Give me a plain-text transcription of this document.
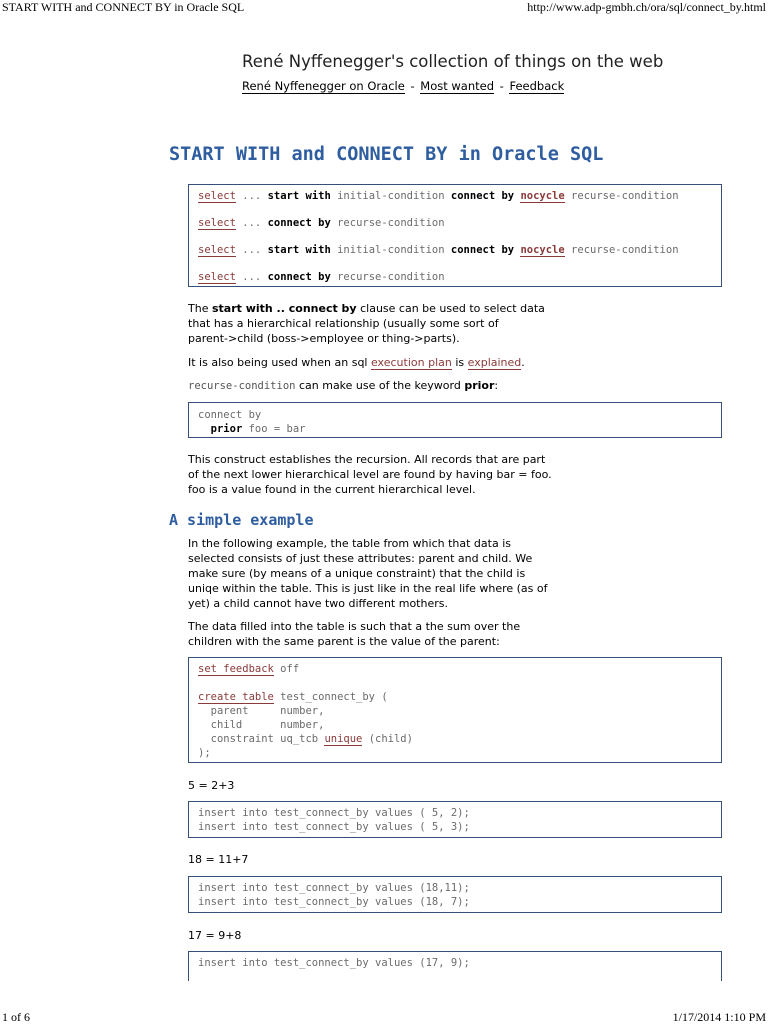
START WITH and CONNECT BY in Oracle SQL	http://www.adp-gmbh.ch/ora/sql/connect_by.html
René Nyffenegger's collection of things on the web
René Nyffenegger on Oracle - Most wanted - Feedback
START WITH and CONNECT BY in Oracle SQL
select ... start with initial-condition connect by nocycle recurse-condition
select ... connect by recurse-condition
select ... start with initial-condition connect by nocycle recurse-condition
select ... connect by recurse-condition
The start with .. connect by clause can be used to select data
that has a hierarchical relationship (usually some sort of
parent->child (boss->employee or thing->parts).
It is also being used when an sql execution plan is explained.
recurse-condition can make use of the keyword prior:
connect by
prior foo = bar
This construct establishes the recursion. All records that are part
of the next lower hierarchical level are found by having bar = foo.
foo is a value found in the current hierarchical level.
A simple example
In the following example, the table from which that data is
selected consists of just these attributes: parent and child. We
make sure (by means of a unique constraint) that the child is
uniqe within the table. This is just like in the real life where (as of
yet) a child cannot have two different mothers.
The data filled into the table is such that a the sum over the
children with the same parent is the value of the parent:
set feedback off
create table test_connect_by (
parent     number,
child      number,
constraint uq_tcb unique (child)
);
5 = 2+3
insert into test_connect_by values ( 5, 2);
insert into test_connect_by values ( 5, 3);
18 = 11+7
insert into test_connect_by values (18,11);
insert into test_connect_by values (18, 7);
17 = 9+8
insert into test_connect_by values (17, 9);
1 of 6	1/17/2014 1:10 PM
